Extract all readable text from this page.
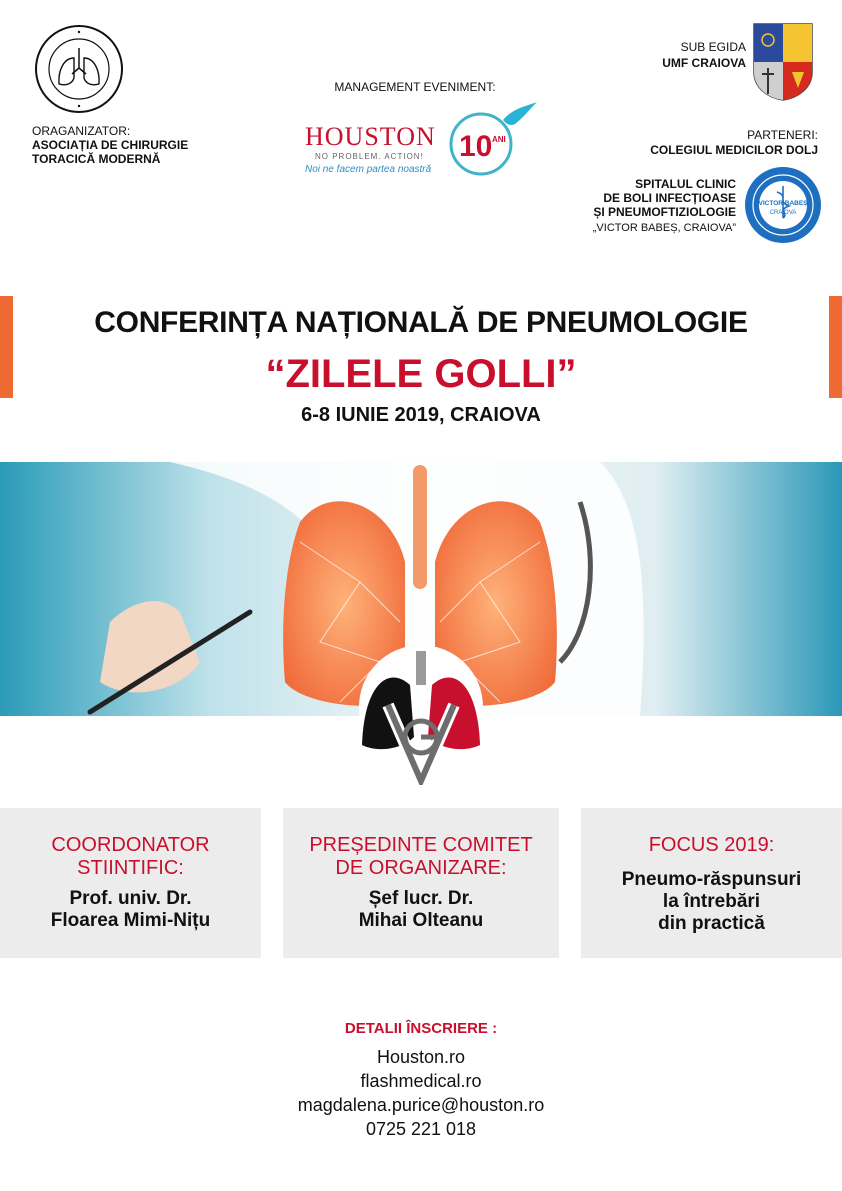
ORAGANIZATOR:
ASOCIAȚIA DE CHIRURGIE
TORACICĂ MODERNĂ
MANAGEMENT EVENIMENT:
HOUSTON
NO PROBLEM. ACTION!
Noi ne facem partea noastră
10 ANI
SUB EGIDA
UMF CRAIOVA
PARTENERI:
COLEGIUL MEDICILOR DOLJ
SPITALUL CLINIC
DE BOLI INFECȚIOASE
ȘI PNEUMOFTIZIOLOGIE
„VICTOR BABEȘ, CRAIOVA”
VICTOR BABEȘ
CRAIOVA
CONFERINȚA NAȚIONALĂ DE PNEUMOLOGIE
“ZILELE GOLLI”
6-8 IUNIE 2019, CRAIOVA
COORDONATOR
STIINTIFIC:
Prof. univ. Dr.
Floarea Mimi-Nițu
PREȘEDINTE COMITET
DE ORGANIZARE:
Șef lucr. Dr.
Mihai Olteanu
FOCUS 2019:
Pneumo-răspunsuri
la întrebări
din practică
DETALII ÎNSCRIERE :
Houston.ro
flashmedical.ro
magdalena.purice@houston.ro
0725 221 018
